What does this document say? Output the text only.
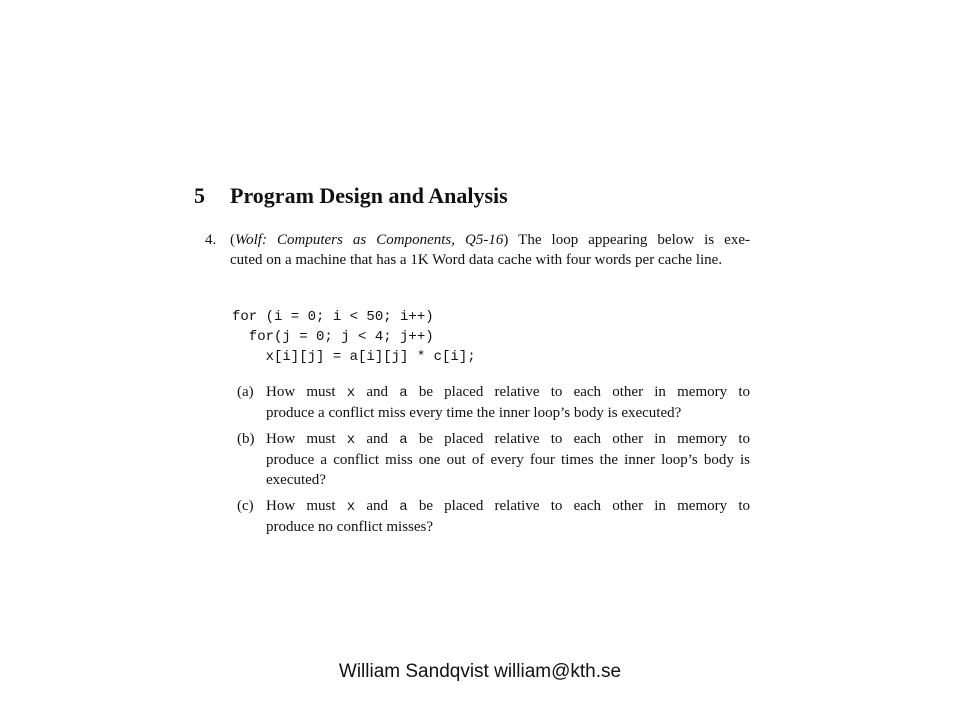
5 Program Design and Analysis
4. (Wolf: Computers as Components, Q5-16) The loop appearing below is exe-
cuted on a machine that has a 1K Word data cache with four words per cache line.

for (i = 0; i < 50; i++)
for(j = 0; j < 4; j++)
x[i][j] = a[i][j] * c[i];
(a) How must x and a be placed relative to each other in memory to
produce a conflict miss every time the inner loop’s body is executed?
(b) How must x and a be placed relative to each other in memory to
produce a conflict miss one out of every four times the inner loop’s body is executed?
(c) How must x and a be placed relative to each other in memory to
produce no conflict misses?
William Sandqvist william@kth.se
